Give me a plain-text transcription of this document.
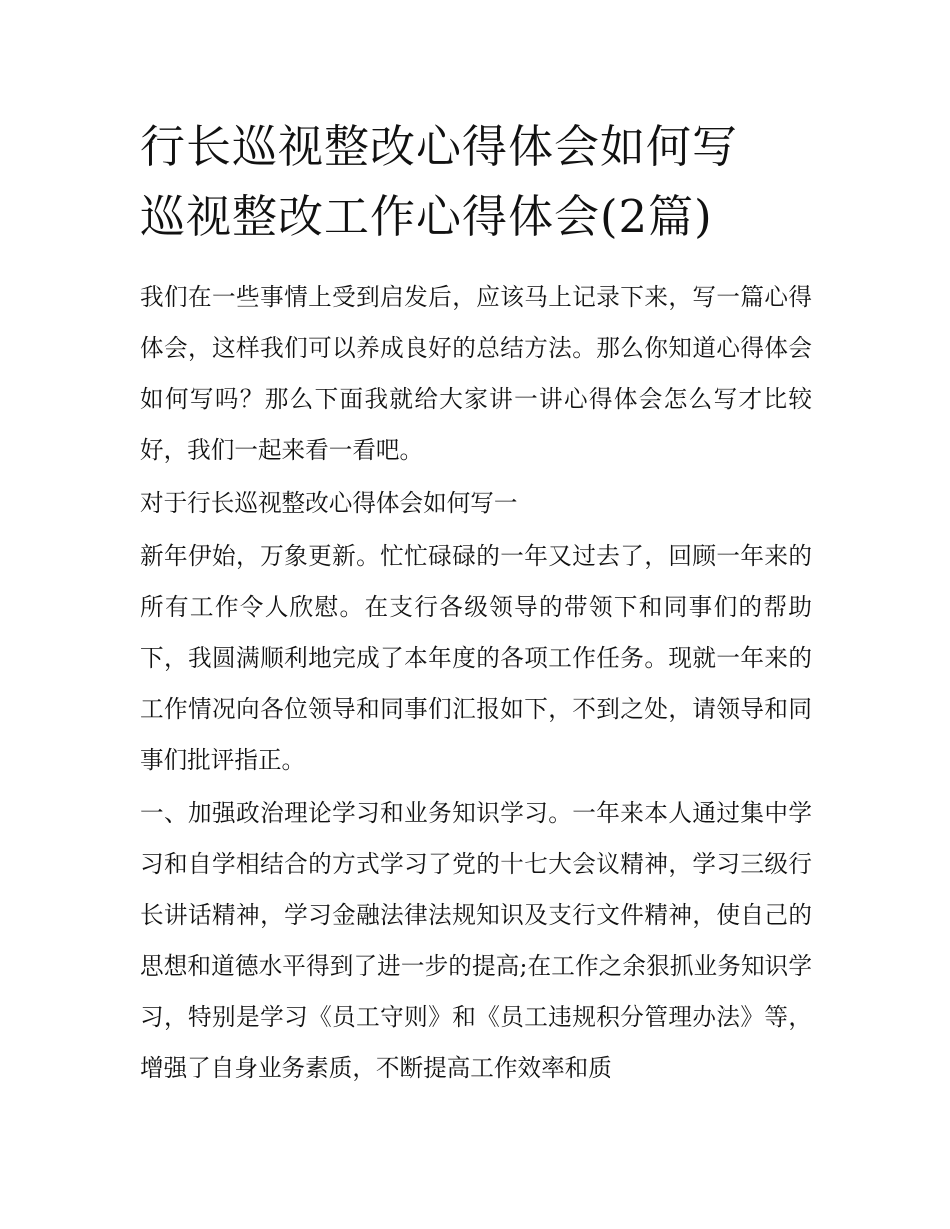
行长巡视整改心得体会如何写
巡视整改工作心得体会(2篇)

我们在一些事情上受到启发后，应该马上记录下来，写一篇心得体会，这样我们可以养成良好的总结方法。那么你知道心得体会如何写吗？那么下面我就给大家讲一讲心得体会怎么写才比较好，我们一起来看一看吧。

对于行长巡视整改心得体会如何写一

新年伊始，万象更新。忙忙碌碌的一年又过去了，回顾一年来的所有工作令人欣慰。在支行各级领导的带领下和同事们的帮助下，我圆满顺利地完成了本年度的各项工作任务。现就一年来的工作情况向各位领导和同事们汇报如下，不到之处，请领导和同事们批评指正。

一、加强政治理论学习和业务知识学习。一年来本人通过集中学习和自学相结合的方式学习了党的十七大会议精神，学习三级行长讲话精神，学习金融法律法规知识及支行文件精神，使自己的思想和道德水平得到了进一步的提高;在工作之余狠抓业务知识学习，特别是学习《员工守则》和《员工违规积分管理办法》等，增强了自身业务素质，不断提高工作效率和质
